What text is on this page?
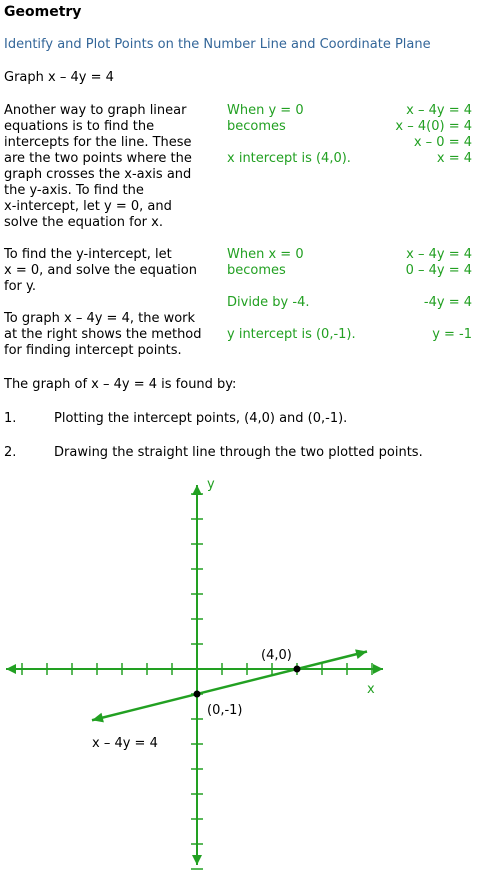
Geometry
Identify and Plot Points on the Number Line and Coordinate Plane
Graph x – 4y = 4
Another way to graph linear
equations is to find the
intercepts for the line. These
are the two points where the
graph crosses the x-axis and
the y-axis. To find the
x-intercept, let y = 0, and
solve the equation for x.
When y = 0
becomes
x intercept is (4,0).
x – 4y = 4
x – 4(0) = 4
x – 0 = 4
x = 4
To find the y-intercept, let
x = 0, and solve the equation
for y.
To graph x – 4y = 4, the work
at the right shows the method
for finding intercept points.
When x = 0
becomes
Divide by -4.
y intercept is (0,-1).
x – 4y = 4
0 – 4y = 4
-4y = 4
y = -1
The graph of x – 4y = 4 is found by:
1.	Plotting the intercept points, (4,0) and (0,-1).
2.	Drawing the straight line through the two plotted points.
x
y
(4,0)
(0,-1)
x – 4y = 4
